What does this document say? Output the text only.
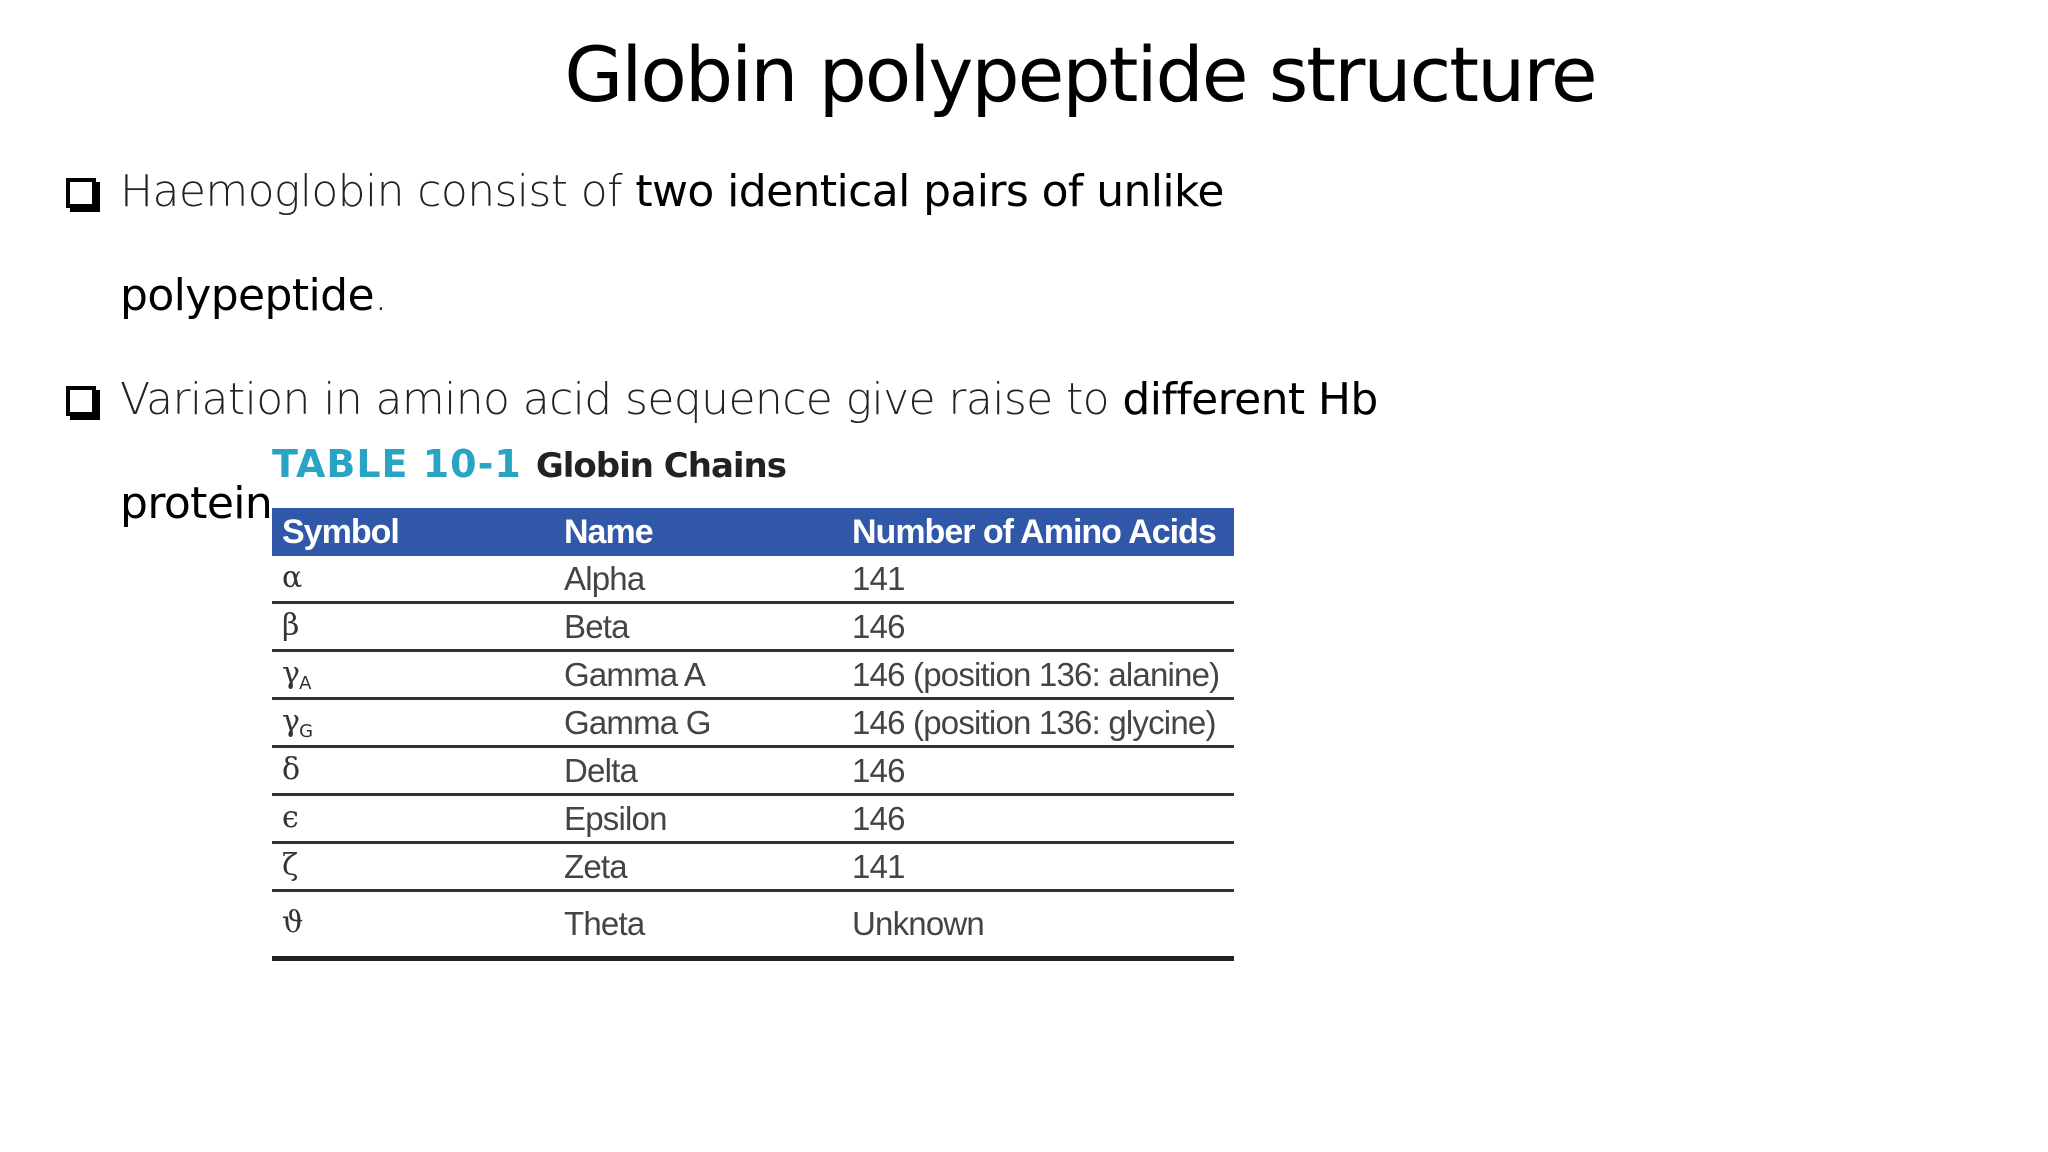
Globin polypeptide structure
Haemoglobin consist of two identical pairs of unlike
polypeptide.
Variation in amino acid sequence give raise to different Hb
protein
TABLE 10-1 Globin Chains
Symbol	Name	Number of Amino Acids
α	Alpha	141
β	Beta	146
$\gamma_A$	Gamma A	146 (position 136: alanine)
$\gamma_G$	Gamma G	146 (position 136: glycine)
δ	Delta	146
ϵ	Epsilon	146
ζ	Zeta	141
ϑ	Theta	Unknown
